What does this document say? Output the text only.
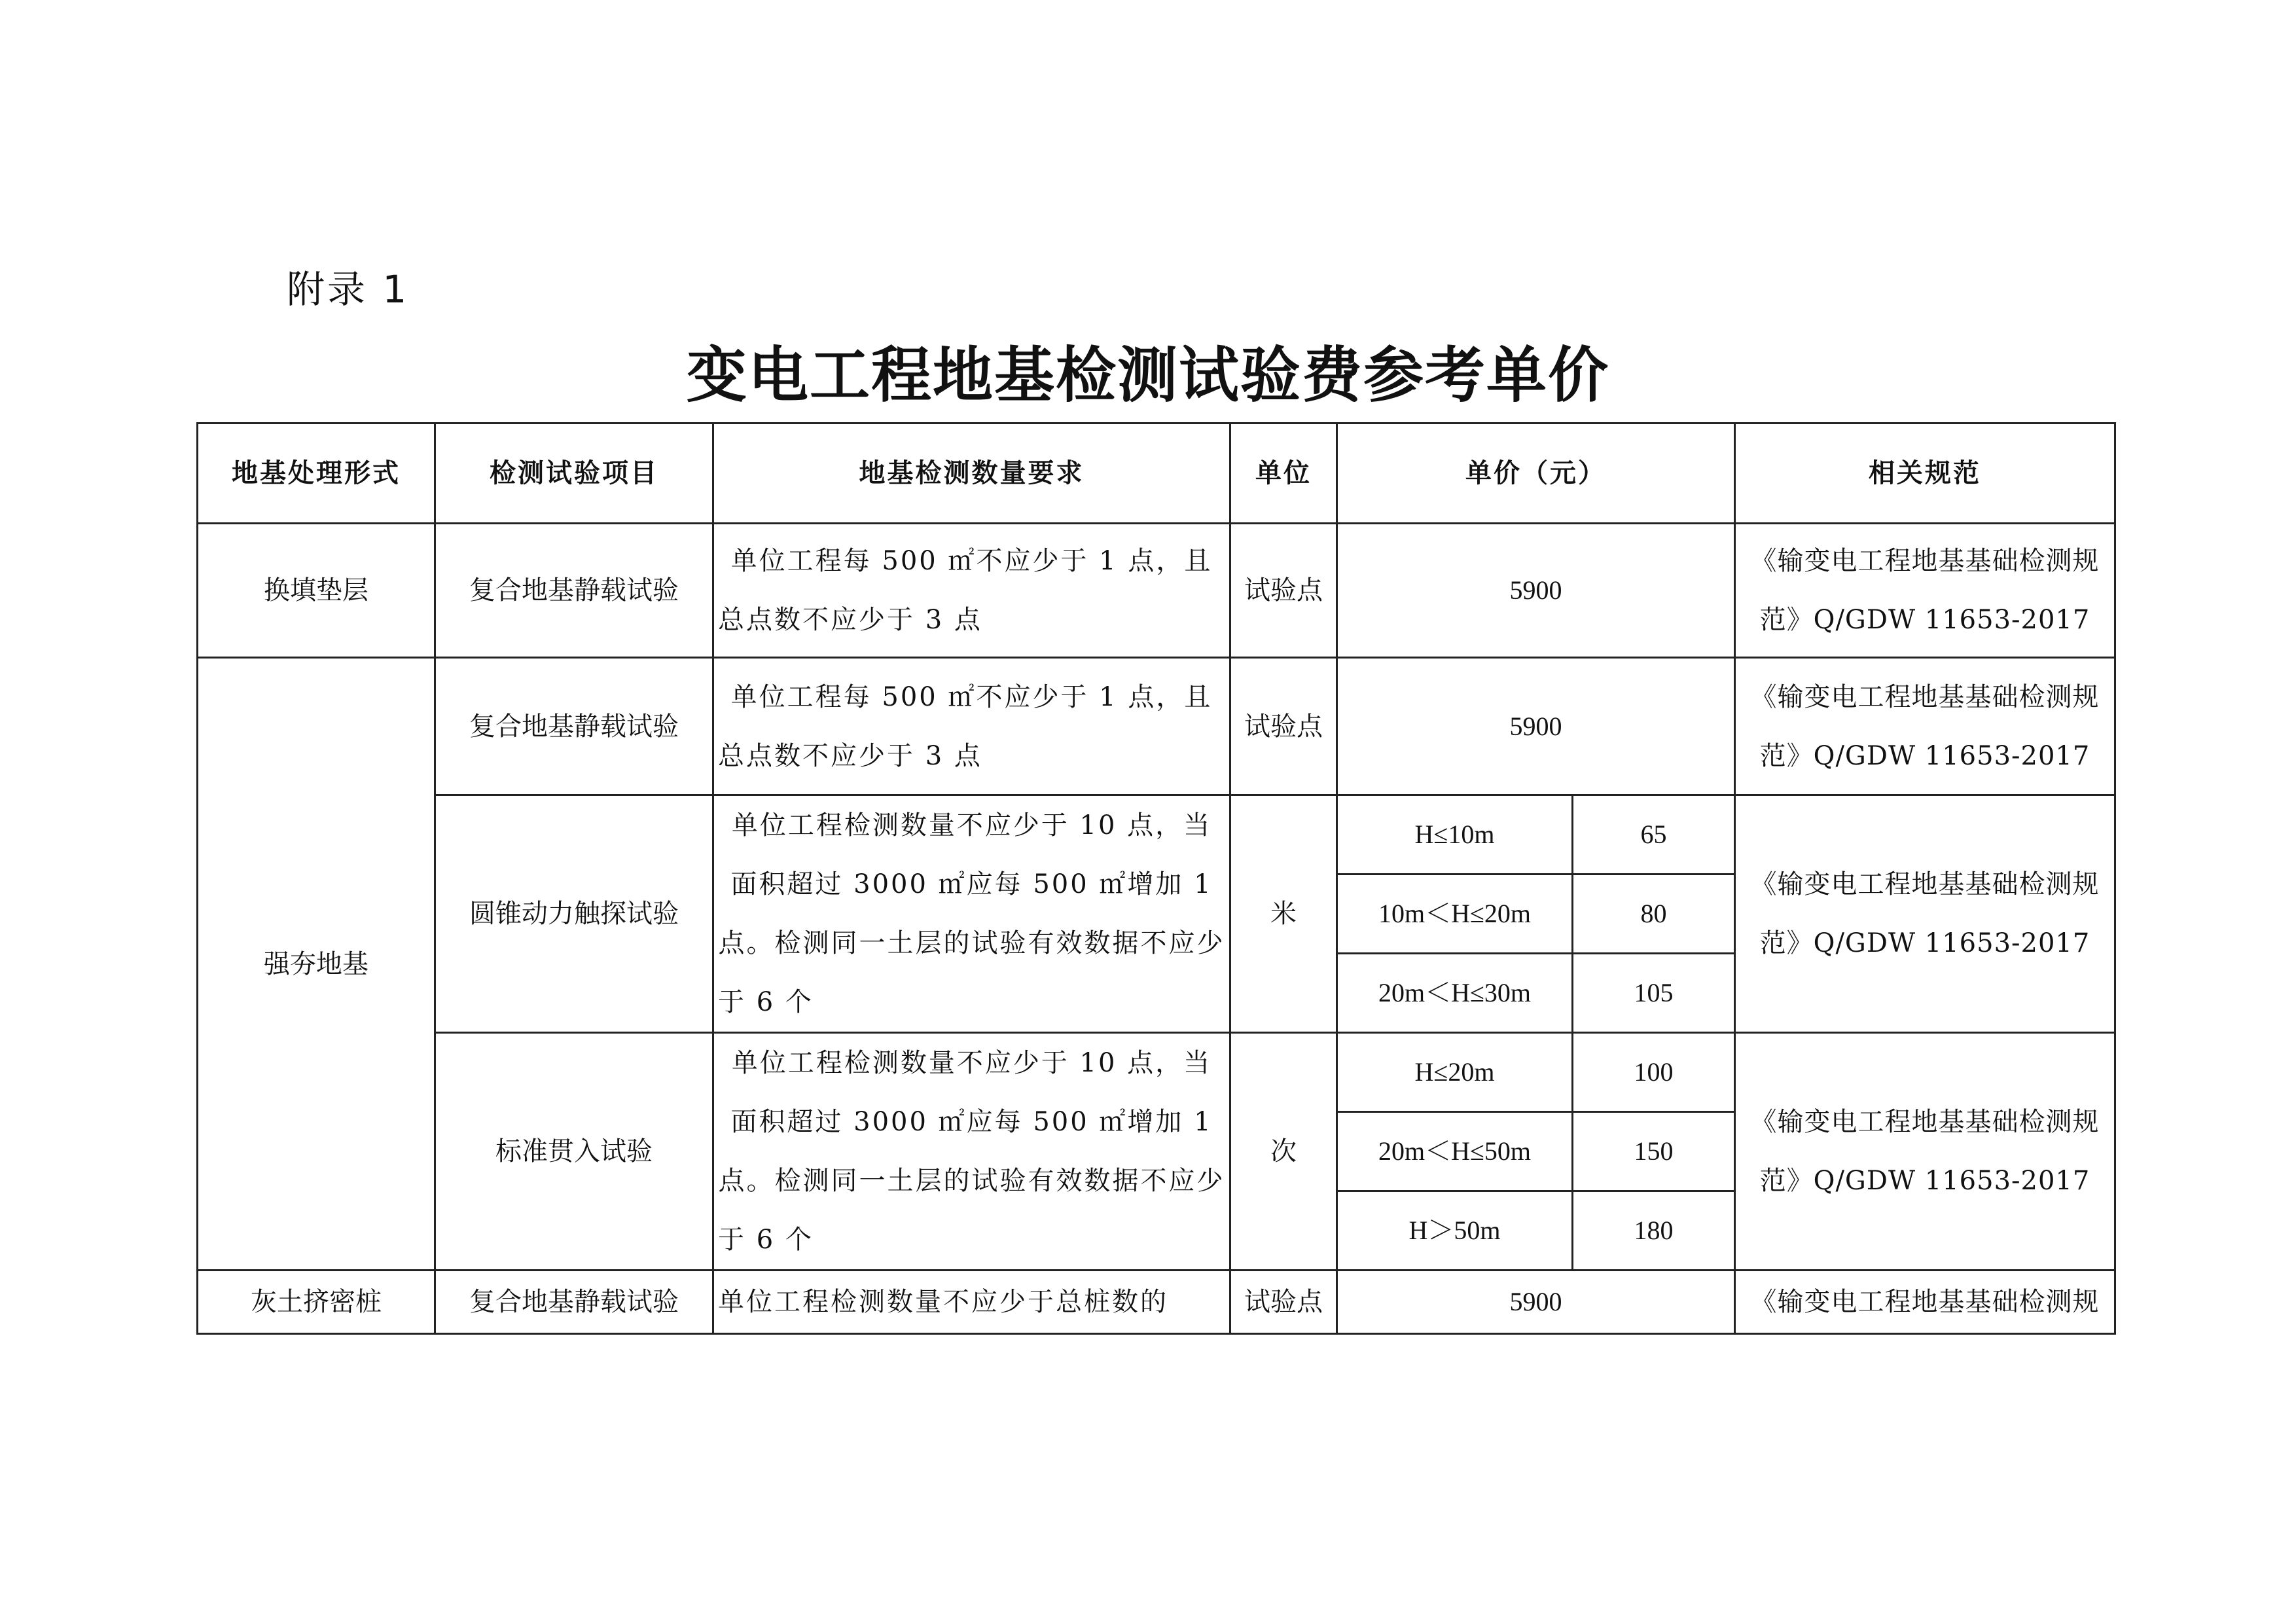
附录 1
变电工程地基检测试验费参考单价
地基处理形式	检测试验项目	地基检测数量要求	单位	单价（元）		相关规范
换填垫层	复合地基静载试验	单位工程每 500 ㎡不应少于 1 点，且总点数不应少于 3 点	试验点	5900		《输变电工程地基基础检测规范》Q/GDW 11653-2017
强夯地基	复合地基静载试验	单位工程每 500 ㎡不应少于 1 点，且总点数不应少于 3 点	试验点	5900		《输变电工程地基基础检测规范》Q/GDW 11653-2017
	圆锥动力触探试验	单位工程检测数量不应少于 10 点，当面积超过 3000 ㎡应每 500 ㎡增加 1 点。检测同一土层的试验有效数据不应少于 6 个	米	H≤10m	65	《输变电工程地基基础检测规范》Q/GDW 11653-2017
				10m＜H≤20m	80	
				20m＜H≤30m	105	
	标准贯入试验	单位工程检测数量不应少于 10 点，当面积超过 3000 ㎡应每 500 ㎡增加 1 点。检测同一土层的试验有效数据不应少于 6 个	次	H≤20m	100	《输变电工程地基基础检测规范》Q/GDW 11653-2017
				20m＜H≤50m	150	
				H＞50m	180	
灰土挤密桩	复合地基静载试验	单位工程检测数量不应少于总桩数的	试验点	5900		《输变电工程地基基础检测规
